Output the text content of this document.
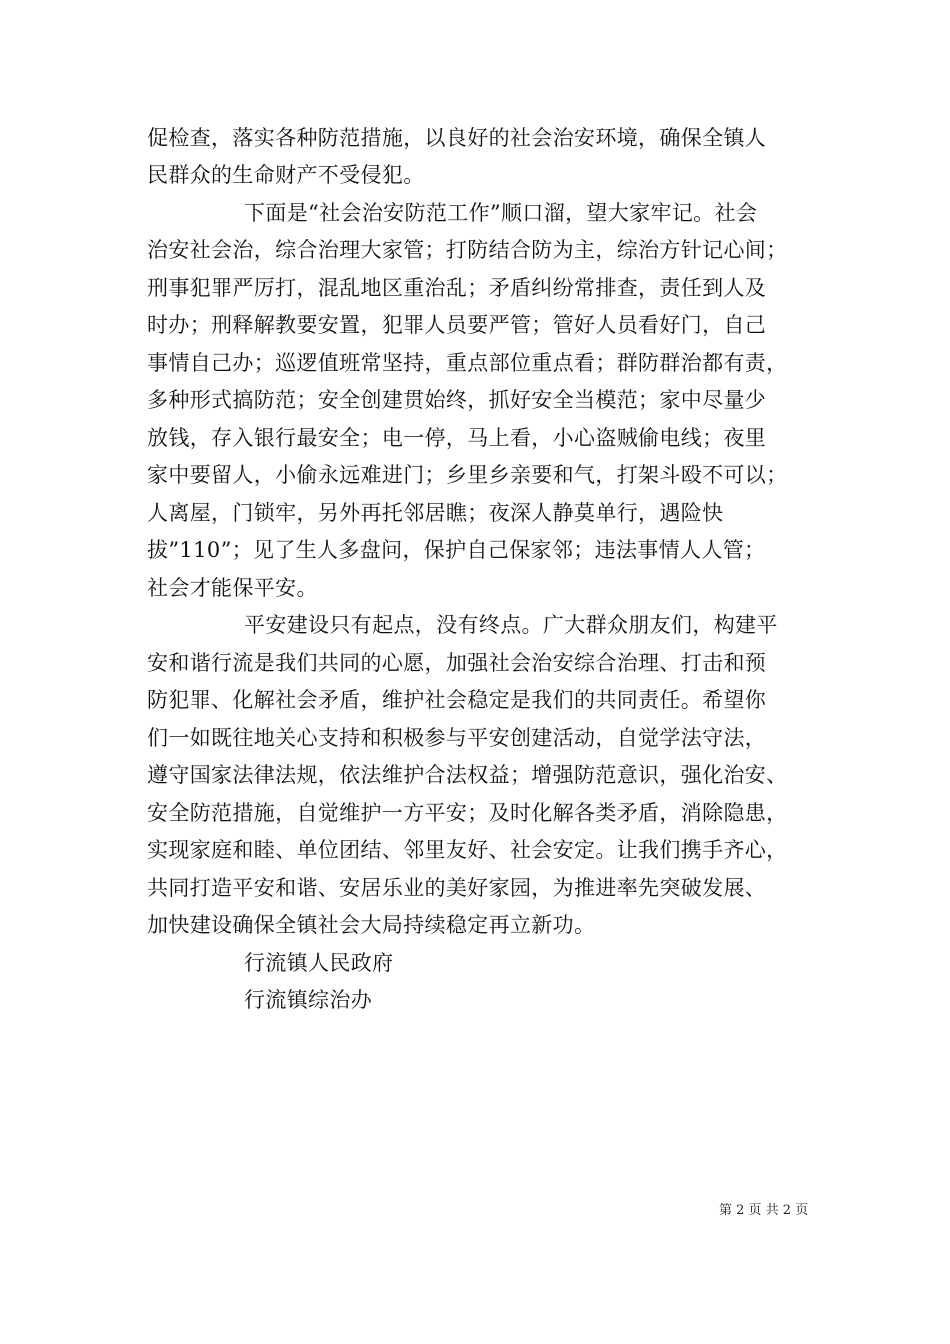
促检查，落实各种防范措施，以良好的社会治安环境，确保全镇人
民群众的生命财产不受侵犯。
下面是“社会治安防范工作”顺口溜，望大家牢记。社会
治安社会治，综合治理大家管；打防结合防为主，综治方针记心间；
刑事犯罪严厉打，混乱地区重治乱；矛盾纠纷常排查，责任到人及
时办；刑释解教要安置，犯罪人员要严管；管好人员看好门，自己
事情自己办；巡逻值班常坚持，重点部位重点看；群防群治都有责，
多种形式搞防范；安全创建贯始终，抓好安全当模范；家中尽量少
放钱，存入银行最安全；电一停，马上看，小心盗贼偷电线；夜里
家中要留人，小偷永远难进门；乡里乡亲要和气，打架斗殴不可以；
人离屋，门锁牢，另外再托邻居瞧；夜深人静莫单行，遇险快
拔”110”；见了生人多盘问，保护自己保家邻；违法事情人人管；
社会才能保平安。
平安建设只有起点，没有终点。广大群众朋友们，构建平
安和谐行流是我们共同的心愿，加强社会治安综合治理、打击和预
防犯罪、化解社会矛盾，维护社会稳定是我们的共同责任。希望你
们一如既往地关心支持和积极参与平安创建活动，自觉学法守法，
遵守国家法律法规，依法维护合法权益；增强防范意识，强化治安、
安全防范措施，自觉维护一方平安；及时化解各类矛盾，消除隐患，
实现家庭和睦、单位团结、邻里友好、社会安定。让我们携手齐心，
共同打造平安和谐、安居乐业的美好家园，为推进率先突破发展、
加快建设确保全镇社会大局持续稳定再立新功。
行流镇人民政府
行流镇综治办
第 2 页 共 2 页
